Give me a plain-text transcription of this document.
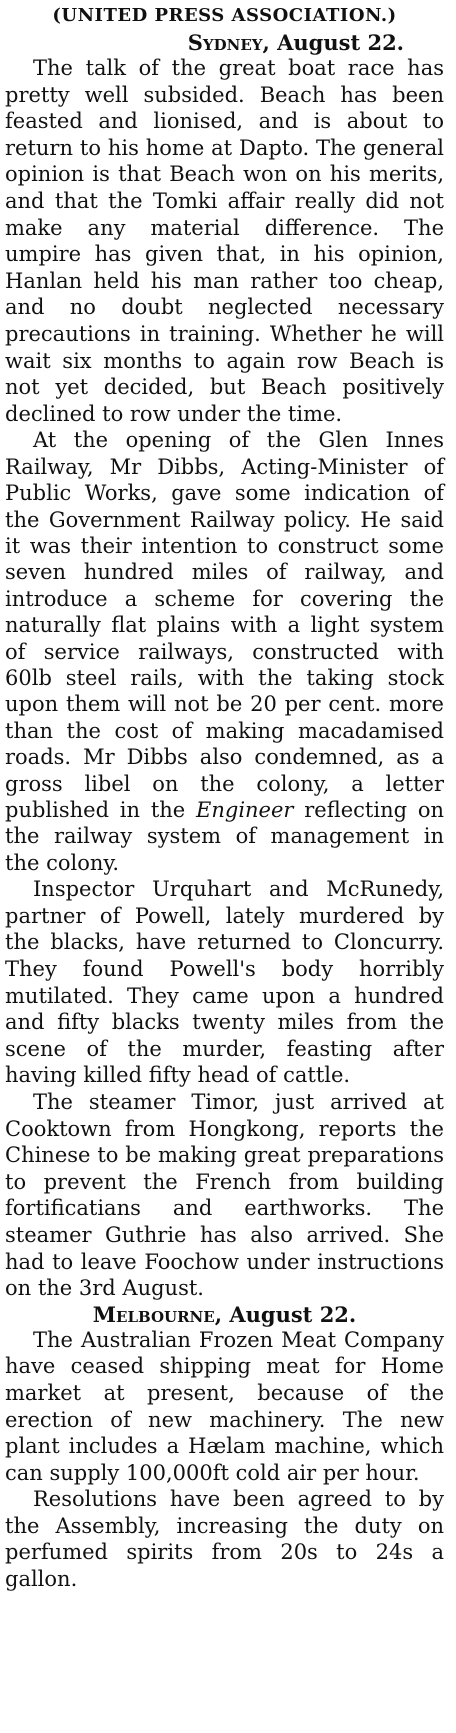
(UNITED PRESS ASSOCIATION.)
Sydney, August 22.

The talk of the great boat race has pretty well subsided. Beach has been feasted and lionised, and is about to return to his home at Dapto. The general opinion is that Beach won on his merits, and that the Tomki affair really did not make any material difference. The umpire has given that, in his opinion, Hanlan held his man rather too cheap, and no doubt neglected necessary precautions in training. Whether he will wait six months to again row Beach is not yet decided, but Beach positively declined to row under the time.

At the opening of the Glen Innes Railway, Mr Dibbs, Acting-Minister of Public Works, gave some indication of the Government Railway policy. He said it was their intention to construct some seven hundred miles of railway, and introduce a scheme for covering the naturally flat plains with a light system of service railways, constructed with 60lb steel rails, with the taking stock upon them will not be 20 per cent. more than the cost of making macadamised roads. Mr Dibbs also condemned, as a gross libel on the colony, a letter published in the Engineer reflecting on the railway system of management in the colony.

Inspector Urquhart and McRunedy, partner of Powell, lately murdered by the blacks, have returned to Cloncurry. They found Powell's body horribly mutilated. They came upon a hundred and fifty blacks twenty miles from the scene of the murder, feasting after having killed fifty head of cattle.

The steamer Timor, just arrived at Cooktown from Hongkong, reports the Chinese to be making great preparations to prevent the French from building fortificatians and earthworks. The steamer Guthrie has also arrived. She had to leave Foochow under instructions on the 3rd August.

Melbourne, August 22.

The Australian Frozen Meat Company have ceased shipping meat for Home market at present, because of the erection of new machinery. The new plant includes a Hælam machine, which can supply 100,000ft cold air per hour.

Resolutions have been agreed to by the Assembly, increasing the duty on perfumed spirits from 20s to 24s a gallon.
